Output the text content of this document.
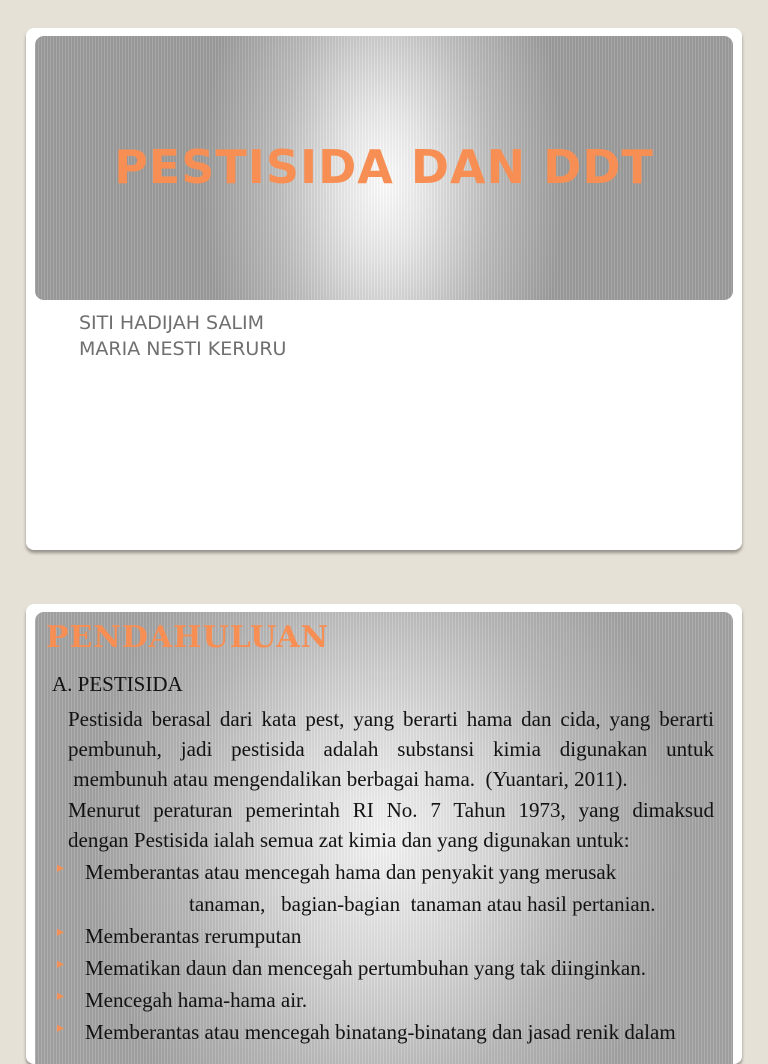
PESTISIDA DAN DDT
SITI HADIJAH SALIM
MARIA NESTI KERURU
PENDAHULUAN
A. PESTISIDA
Pestisida berasal dari kata pest, yang berarti hama dan cida, yang berarti
pembunuh, jadi pestisida adalah substansi kimia digunakan untuk
membunuh atau mengendalikan berbagai hama.  (Yuantari, 2011).
Menurut peraturan pemerintah RI No. 7 Tahun 1973, yang dimaksud
dengan Pestisida ialah semua zat kimia dan yang digunakan untuk:
▸ Memberantas atau mencegah hama dan penyakit yang merusak
tanaman,   bagian-bagian  tanaman atau hasil pertanian.
▸ Memberantas rerumputan
▸ Mematikan daun dan mencegah pertumbuhan yang tak diinginkan.
▸ Mencegah hama-hama air.
▸ Memberantas atau mencegah binatang-binatang dan jasad renik dalam
